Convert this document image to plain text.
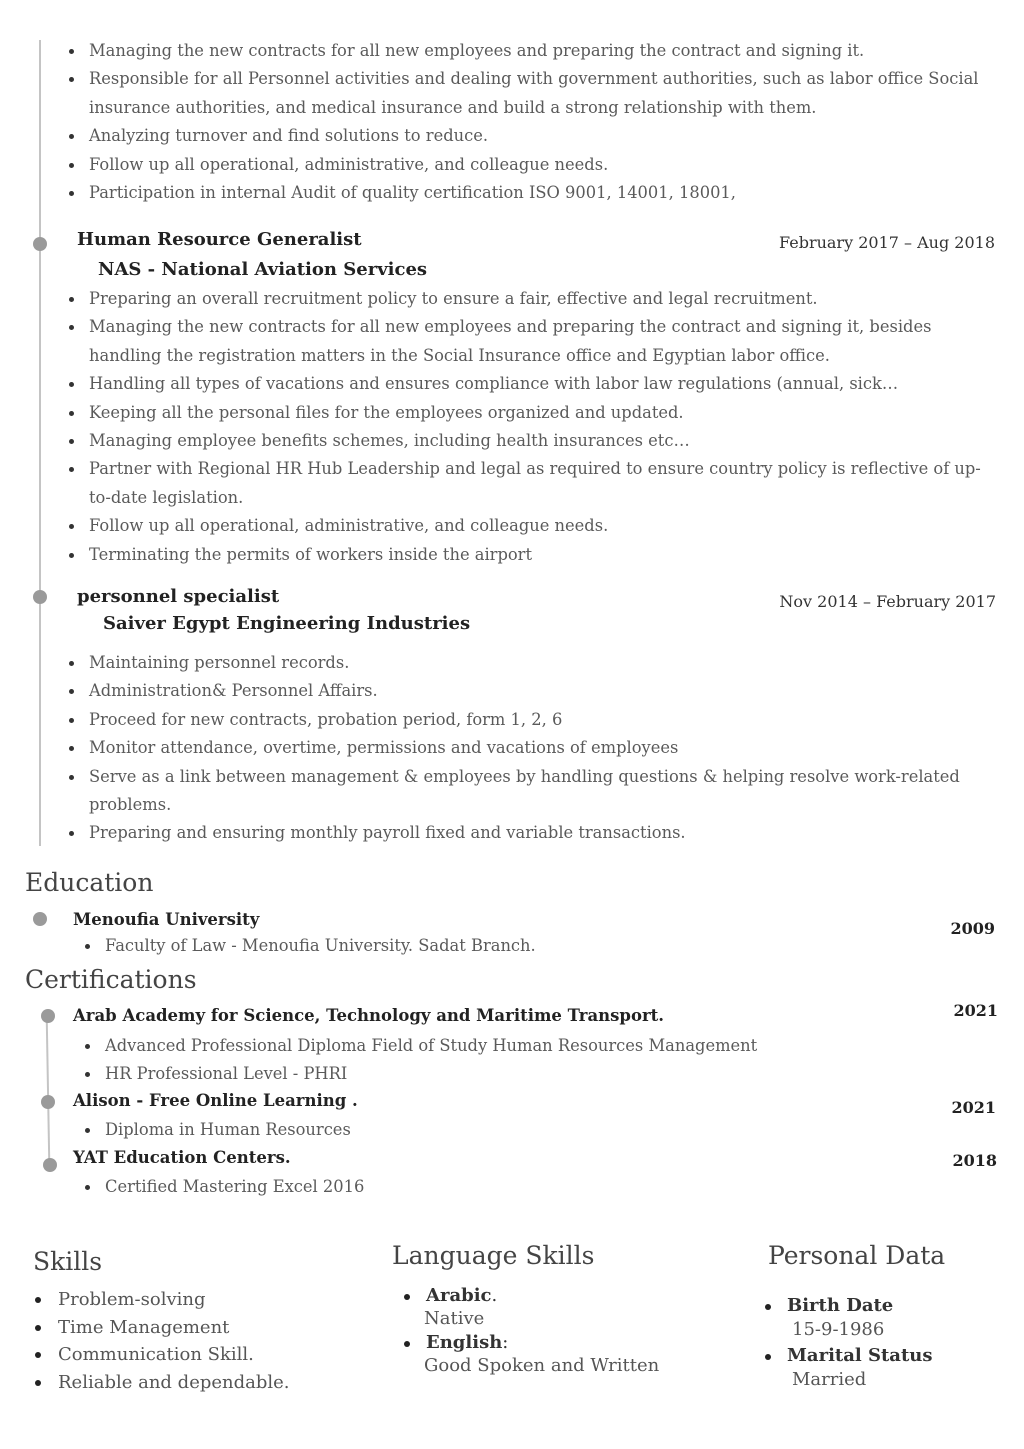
Managing the new contracts for all new employees and preparing the contract and signing it.
Responsible for all Personnel activities and dealing with government authorities, such as labor office Social insurance authorities, and medical insurance and build a strong relationship with them.
Analyzing turnover and find solutions to reduce.
Follow up all operational, administrative, and colleague needs.
Participation in internal Audit of quality certification ISO 9001, 14001, 18001,
Human Resource Generalist	February 2017 – Aug 2018
NAS - National Aviation Services
Preparing an overall recruitment policy to ensure a fair, effective and legal recruitment.
Managing the new contracts for all new employees and preparing the contract and signing it, besides handling the registration matters in the Social Insurance office and Egyptian labor office.
Handling all types of vacations and ensures compliance with labor law regulations (annual, sick…
Keeping all the personal files for the employees organized and updated.
Managing employee benefits schemes, including health insurances etc…
Partner with Regional HR Hub Leadership and legal as required to ensure country policy is reflective of up-to-date legislation.
Follow up all operational, administrative, and colleague needs.
Terminating the permits of workers inside the airport
personnel specialist	Nov 2014 – February 2017
Saiver Egypt Engineering Industries
Maintaining personnel records.
Administration& Personnel Affairs.
Proceed for new contracts, probation period, form 1, 2, 6
Monitor attendance, overtime, permissions and vacations of employees
Serve as a link between management & employees by handling questions & helping resolve work-related problems.
Preparing and ensuring monthly payroll fixed and variable transactions.
Education
Menoufia University	2009
Faculty of Law - Menoufia University. Sadat Branch.
Certifications
Arab Academy for Science, Technology and Maritime Transport.	2021
Advanced Professional Diploma Field of Study Human Resources Management
HR Professional Level - PHRI
Alison - Free Online Learning .	2021
Diploma in Human Resources
YAT Education Centers.	2018
Certified Mastering Excel 2016
Skills
Problem-solving
Time Management
Communication Skill.
Reliable and dependable.
Language Skills
Arabic.
Native
English:
Good Spoken and Written
Personal Data
Birth Date
15-9-1986
Marital Status
Married
